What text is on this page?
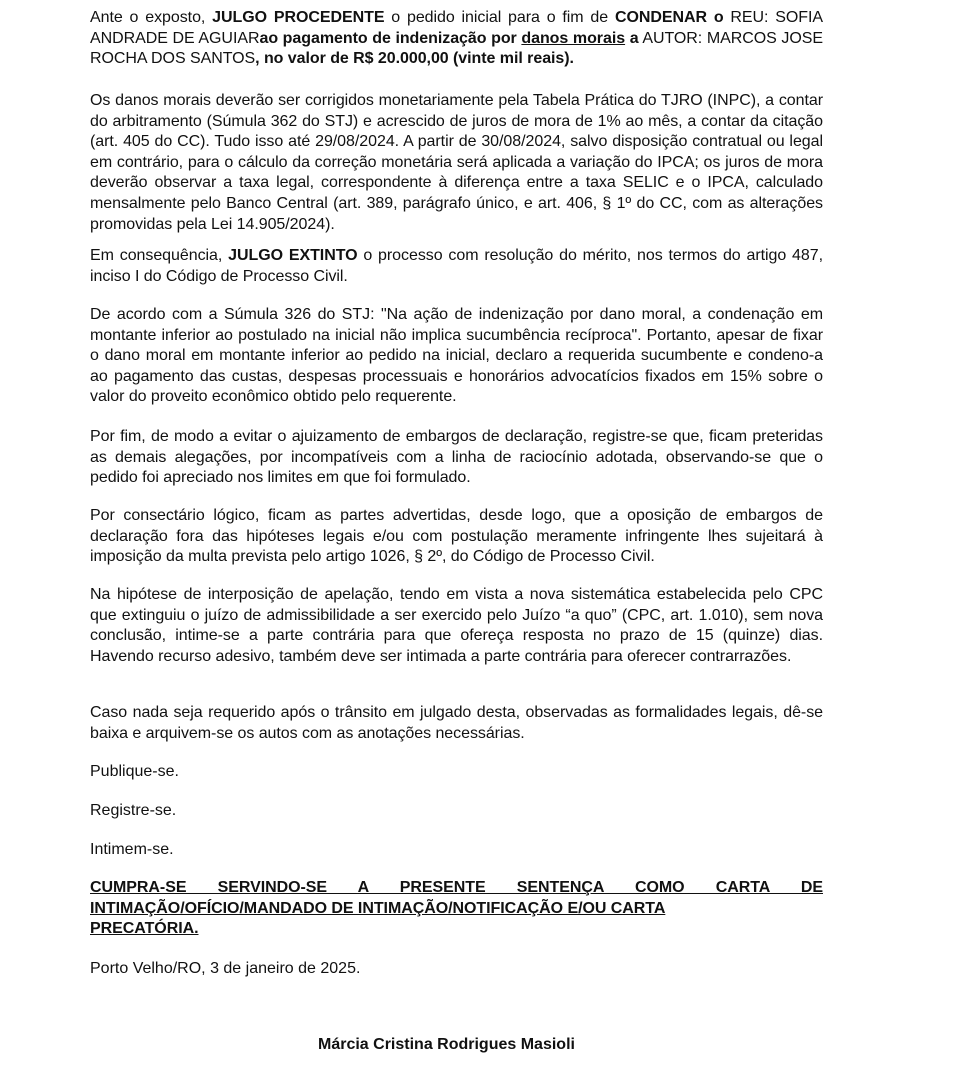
Ante o exposto, JULGO PROCEDENTE o pedido inicial para o fim de CONDENAR o REU: SOFIA ANDRADE DE AGUIARao pagamento de indenização por danos morais a AUTOR: MARCOS JOSE ROCHA DOS SANTOS, no valor de R$ 20.000,00 (vinte mil reais).

Os danos morais deverão ser corrigidos monetariamente pela Tabela Prática do TJRO (INPC), a contar do arbitramento (Súmula 362 do STJ) e acrescido de juros de mora de 1% ao mês, a contar da citação (art. 405 do CC). Tudo isso até 29/08/2024. A partir de 30/08/2024, salvo disposição contratual ou legal em contrário, para o cálculo da correção monetária será aplicada a variação do IPCA; os juros de mora deverão observar a taxa legal, correspondente à diferença entre a taxa SELIC e o IPCA, calculado mensalmente pelo Banco Central (art. 389, parágrafo único, e art. 406, § 1º do CC, com as alterações promovidas pela Lei 14.905/2024).

Em consequência, JULGO EXTINTO o processo com resolução do mérito, nos termos do artigo 487, inciso I do Código de Processo Civil.

De acordo com a Súmula 326 do STJ: "Na ação de indenização por dano moral, a condenação em montante inferior ao postulado na inicial não implica sucumbência recíproca". Portanto, apesar de fixar o dano moral em montante inferior ao pedido na inicial, declaro a requerida sucumbente e condeno-a ao pagamento das custas, despesas processuais e honorários advocatícios fixados em 15% sobre o valor do proveito econômico obtido pelo requerente.

Por fim, de modo a evitar o ajuizamento de embargos de declaração, registre-se que, ficam preteridas as demais alegações, por incompatíveis com a linha de raciocínio adotada, observando-se que o pedido foi apreciado nos limites em que foi formulado.

Por consectário lógico, ficam as partes advertidas, desde logo, que a oposição de embargos de declaração fora das hipóteses legais e/ou com postulação meramente infringente lhes sujeitará à imposição da multa prevista pelo artigo 1026, § 2º, do Código de Processo Civil.

Na hipótese de interposição de apelação, tendo em vista a nova sistemática estabelecida pelo CPC que extinguiu o juízo de admissibilidade a ser exercido pelo Juízo “a quo” (CPC, art. 1.010), sem nova conclusão, intime-se a parte contrária para que ofereça resposta no prazo de 15 (quinze) dias. Havendo recurso adesivo, também deve ser intimada a parte contrária para oferecer contrarrazões.

Caso nada seja requerido após o trânsito em julgado desta, observadas as formalidades legais, dê-se baixa e arquivem-se os autos com as anotações necessárias.

Publique-se.

Registre-se.

Intimem-se.

CUMPRA-SE SERVINDO-SE A PRESENTE SENTENÇA COMO CARTA DE INTIMAÇÃO/OFÍCIO/MANDADO DE INTIMAÇÃO/NOTIFICAÇÃO E/OU CARTA
PRECATÓRIA.

Porto Velho/RO, 3 de janeiro de 2025.

Márcia Cristina Rodrigues Masioli
